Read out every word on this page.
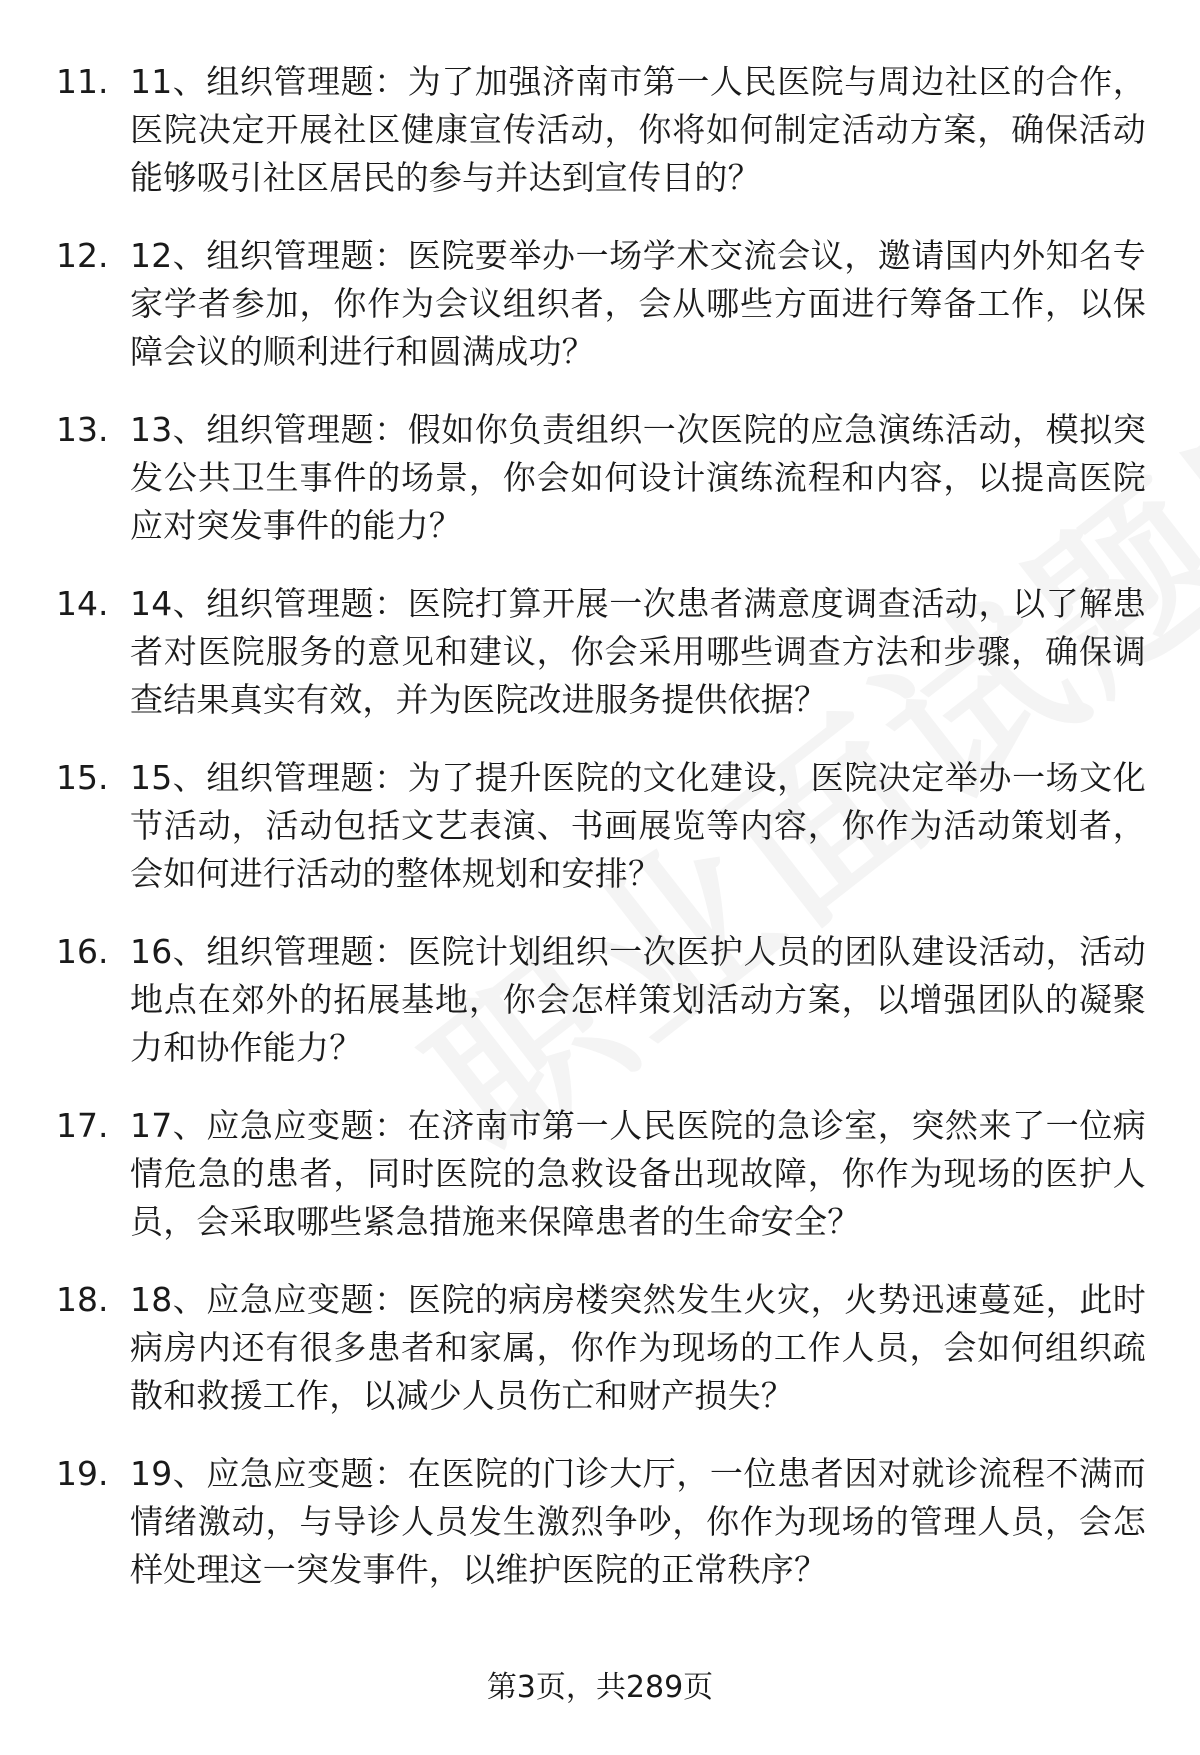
11. 11、组织管理题：为了加强济南市第一人民医院与周边社区的合作，医院决定开展社区健康宣传活动，你将如何制定活动方案，确保活动能够吸引社区居民的参与并达到宣传目的？
12. 12、组织管理题：医院要举办一场学术交流会议，邀请国内外知名专家学者参加，你作为会议组织者，会从哪些方面进行筹备工作，以保障会议的顺利进行和圆满成功？
13. 13、组织管理题：假如你负责组织一次医院的应急演练活动，模拟突发公共卫生事件的场景，你会如何设计演练流程和内容，以提高医院应对突发事件的能力？
14. 14、组织管理题：医院打算开展一次患者满意度调查活动，以了解患者对医院服务的意见和建议，你会采用哪些调查方法和步骤，确保调查结果真实有效，并为医院改进服务提供依据？
15. 15、组织管理题：为了提升医院的文化建设，医院决定举办一场文化节活动，活动包括文艺表演、书画展览等内容，你作为活动策划者，会如何进行活动的整体规划和安排？
16. 16、组织管理题：医院计划组织一次医护人员的团队建设活动，活动地点在郊外的拓展基地，你会怎样策划活动方案，以增强团队的凝聚力和协作能力？
17. 17、应急应变题：在济南市第一人民医院的急诊室，突然来了一位病情危急的患者，同时医院的急救设备出现故障，你作为现场的医护人员，会采取哪些紧急措施来保障患者的生命安全？
18. 18、应急应变题：医院的病房楼突然发生火灾，火势迅速蔓延，此时病房内还有很多患者和家属，你作为现场的工作人员，会如何组织疏散和救援工作，以减少人员伤亡和财产损失？
19. 19、应急应变题：在医院的门诊大厅，一位患者因对就诊流程不满而情绪激动，与导诊人员发生激烈争吵，你作为现场的管理人员，会怎样处理这一突发事件，以维护医院的正常秩序？
第3页，共289页
